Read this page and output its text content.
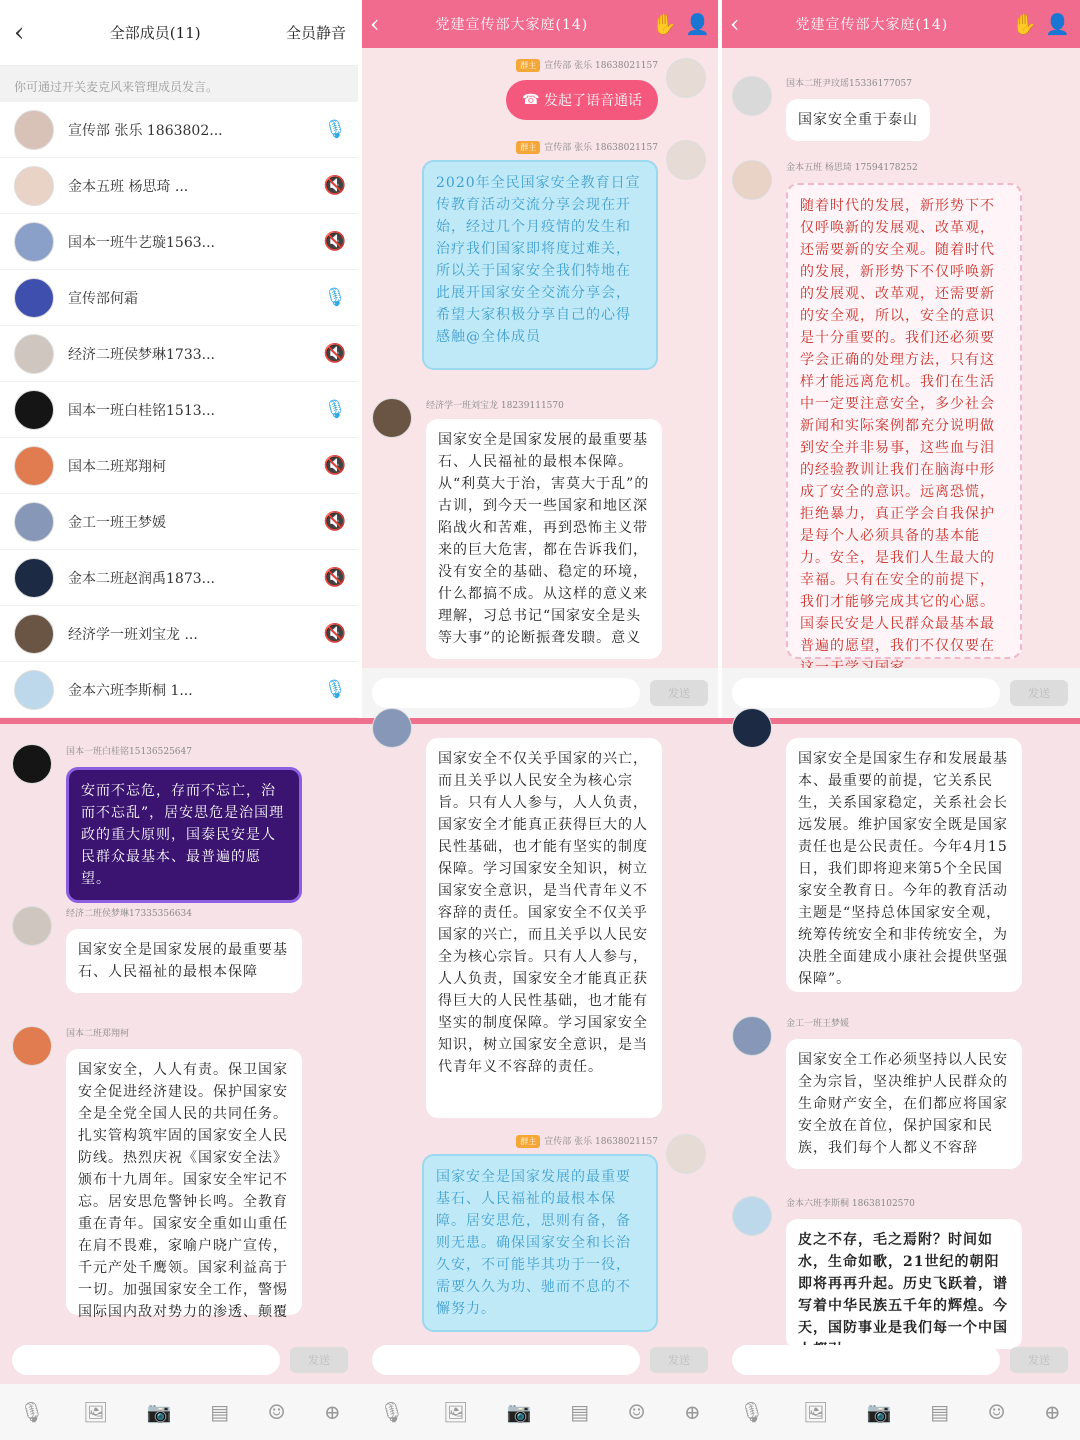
‹	全部成员(11)	全员静音
你可通过开关麦克风来管理成员发言。
宣传部 张乐 1863802...	🎙
金本五班 杨思琦 ...	🔇
国本一班牛艺璇1563...	🔇
宣传部何霜	🎙
经济二班侯梦琳1733...	🔇
国本一班白桂铭1513...	🎙
国本二班郑翔柯	🔇
金工一班王梦媛	🔇
金本二班赵润禹1873...	🔇
经济学一班刘宝龙 ...	🔇
金本六班李斯桐 1...	🎙
‹	党建宣传部大家庭(14)	✋ 👤
群主 宣传部 张乐 18638021157
☎ 发起了语音通话
群主 宣传部 张乐 18638021157
2020年全民国家安全教育日宣传教育活动交流分享会现在开始，经过几个月疫情的发生和治疗我们国家即将度过难关，所以关于国家安全我们特地在此展开国家安全交流分享会，希望大家积极分享自己的心得感触@全体成员
经济学一班刘宝龙 18239111570
国家安全是国家发展的最重要基石、人民福祉的最根本保障。从“利莫大于治，害莫大于乱”的古训，到今天一些国家和地区深陷战火和苦难，再到恐怖主义带来的巨大危害，都在告诉我们，没有安全的基础、稳定的环境，什么都搞不成。从这样的意义来理解，习总书记“国家安全是头等大事”的论断振聋发聩。意义
发送
‹	党建宣传部大家庭(14)	✋ 👤
国本二班尹玟瑶15336177057
国家安全重于泰山
金本五班 杨思琦 17594178252
随着时代的发展，新形势下不仅呼唤新的发展观、改革观，还需要新的安全观。随着时代的发展，新形势下不仅呼唤新的发展观、改革观，还需要新的安全观，所以，安全的意识是十分重要的。我们还必须要学会正确的处理方法，只有这样才能远离危机。我们在生活中一定要注意安全，多少社会新闻和实际案例都充分说明做到安全并非易事，这些血与泪的经验教训让我们在脑海中形成了安全的意识。远离恐慌，拒绝暴力，真正学会自我保护是每个人必须具备的基本能力。安全，是我们人生最大的幸福。只有在安全的前提下，我们才能够完成其它的心愿。国泰民安是人民群众最基本最普遍的愿望，我们不仅仅要在
发送
国本一班白桂铭15136525647
安而不忘危，存而不忘亡，治而不忘乱”，居安思危是治国理政的重大原则，国泰民安是人民群众最基本、最普遍的愿望。
经济二班侯梦琳17335356634
国家安全是国家发展的最重要基石、人民福祉的最根本保障
国本二班郑翔柯
国家安全，人人有责。保卫国家安全促进经济建设。保护国家安全是全党全国人民的共同任务。扎实管构筑牢固的国家安全人民防线。热烈庆祝《国家安全法》颁布十九周年。国家安全牢记不忘。居安思危警钟长鸣。全教育重在青年。国家安全重如山重任在肩不畏难，家喻户晓广宣传，千元产处千鹰领。国家利益高于一切。加强国家安全工作，警惕国际国内敌对势力的渗透、颠覆
发送
🎙 🖼 📷 ▤ ☺ ⊕
国家安全不仅关乎国家的兴亡，而且关乎以人民安全为核心宗旨。只有人人参与，人人负责，国家安全才能真正获得巨大的人民性基础，也才能有坚实的制度保障。学习国家安全知识，树立国家安全意识，是当代青年义不容辞的责任。国家安全不仅关乎国家的兴亡，而且关乎以人民安全为核心宗旨。只有人人参与，人人负责，国家安全才能真正获得巨大的人民性基础，也才能有坚实的制度保障。学习国家安全知识，树立国家安全意识，是当代青年义不容辞的责任。
群主 宣传部 张乐 18638021157
国家安全是国家发展的最重要基石、人民福祉的最根本保障。居安思危，思则有备，备则无患。确保国家安全和长治久安，不可能毕其功于一役，需要久久为功、驰而不息的不懈努力。
发送
🎙 🖼 📷 ▤ ☺ ⊕
国家安全是国家生存和发展最基本、最重要的前提，它关系民生，关系国家稳定，关系社会长远发展。维护国家安全既是国家责任也是公民责任。今年4月15日，我们即将迎来第5个全民国家安全教育日。今年的教育活动主题是“坚持总体国家安全观，统筹传统安全和非传统安全，为决胜全面建成小康社会提供坚强保障”。
金工一班王梦媛
国家安全工作必须坚持以人民安全为宗旨，坚决维护人民群众的生命财产安全，在们都应将国家安全放在首位，保护国家和民族，我们每个人都义不容辞
金本六班李斯桐 18638102570
皮之不存，毛之焉附？时间如水，生命如歌，21世纪的朝阳即将再再升起。历史飞跃着，谱写着中华民族五千年的辉煌。今天，国防事业是我们每一个中国
发送
🎙 🖼 📷 ▤ ☺ ⊕
